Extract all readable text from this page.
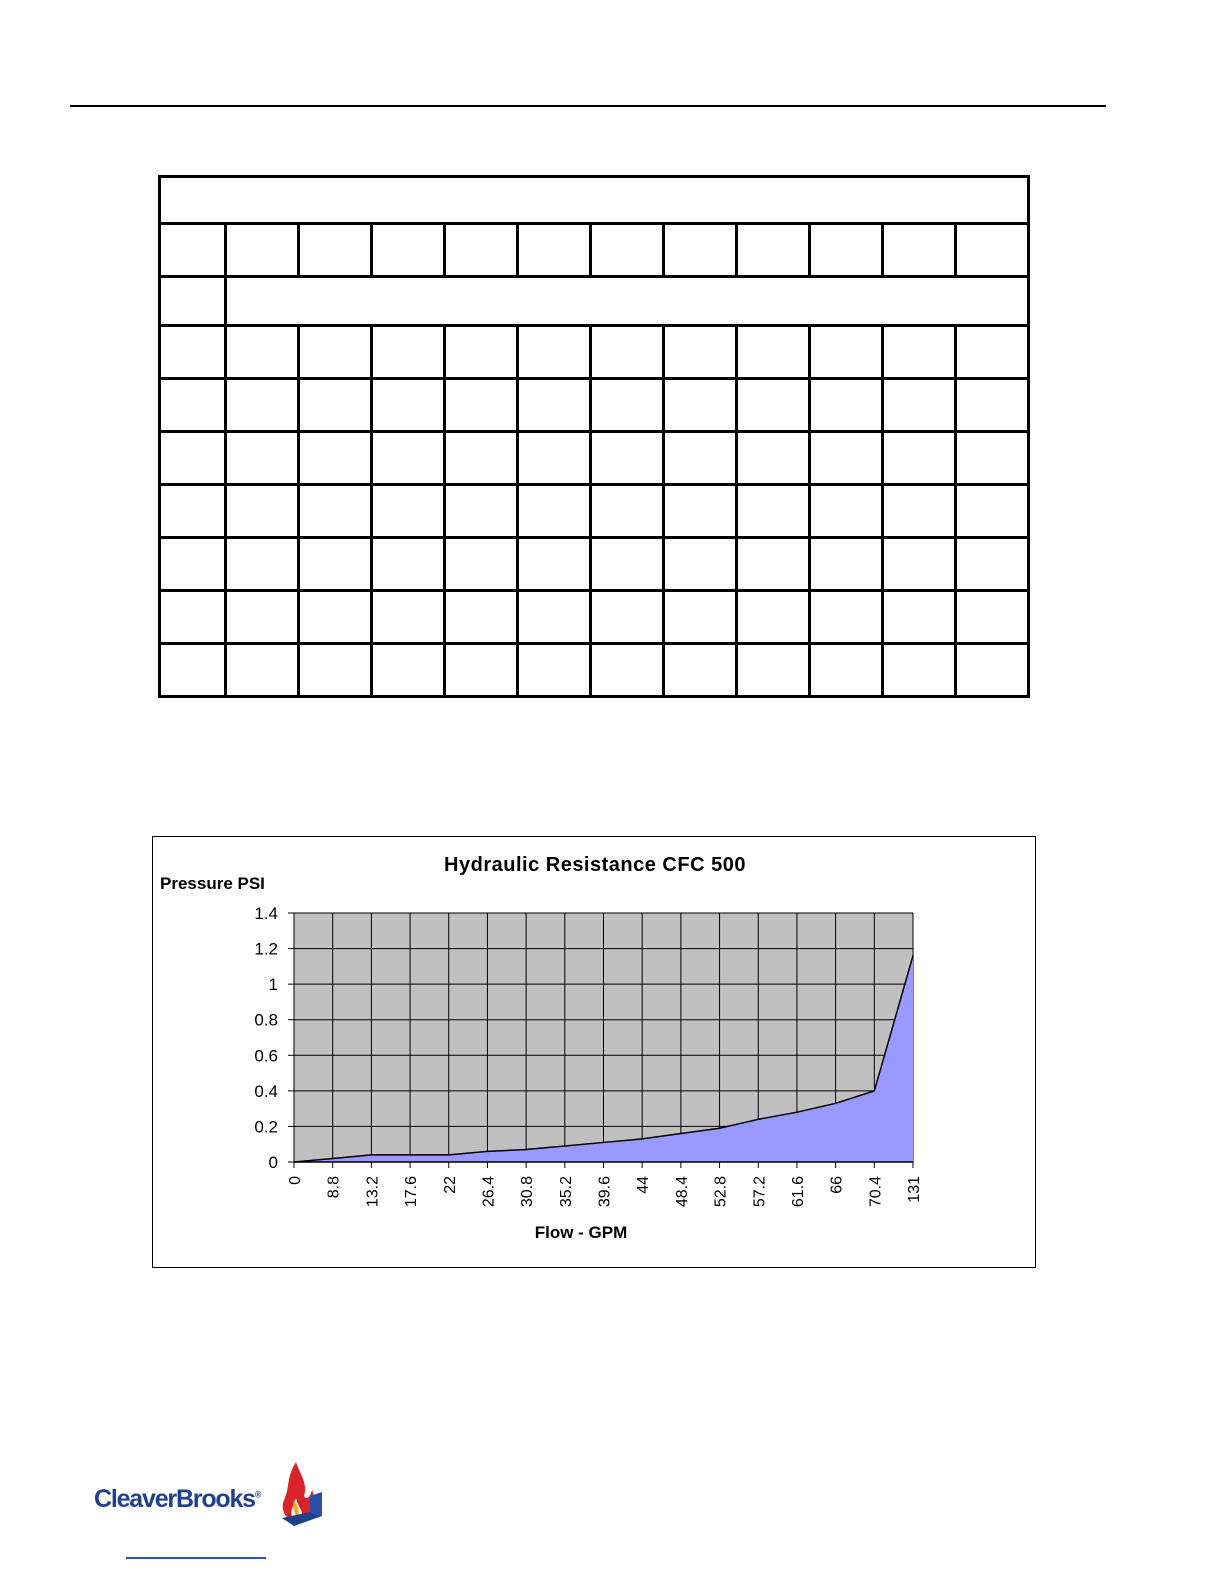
0
0.2
0.4
0.6
0.8
1
1.2
1.4
0 8.8 13.2 17.6 22 26.4 30.8 35.2 39.6 44 48.4 52.8 57.2 61.6 66 70.4 131
Hydraulic Resistance CFC 500
Pressure PSI
Flow - GPM
CleaverBrooks®
